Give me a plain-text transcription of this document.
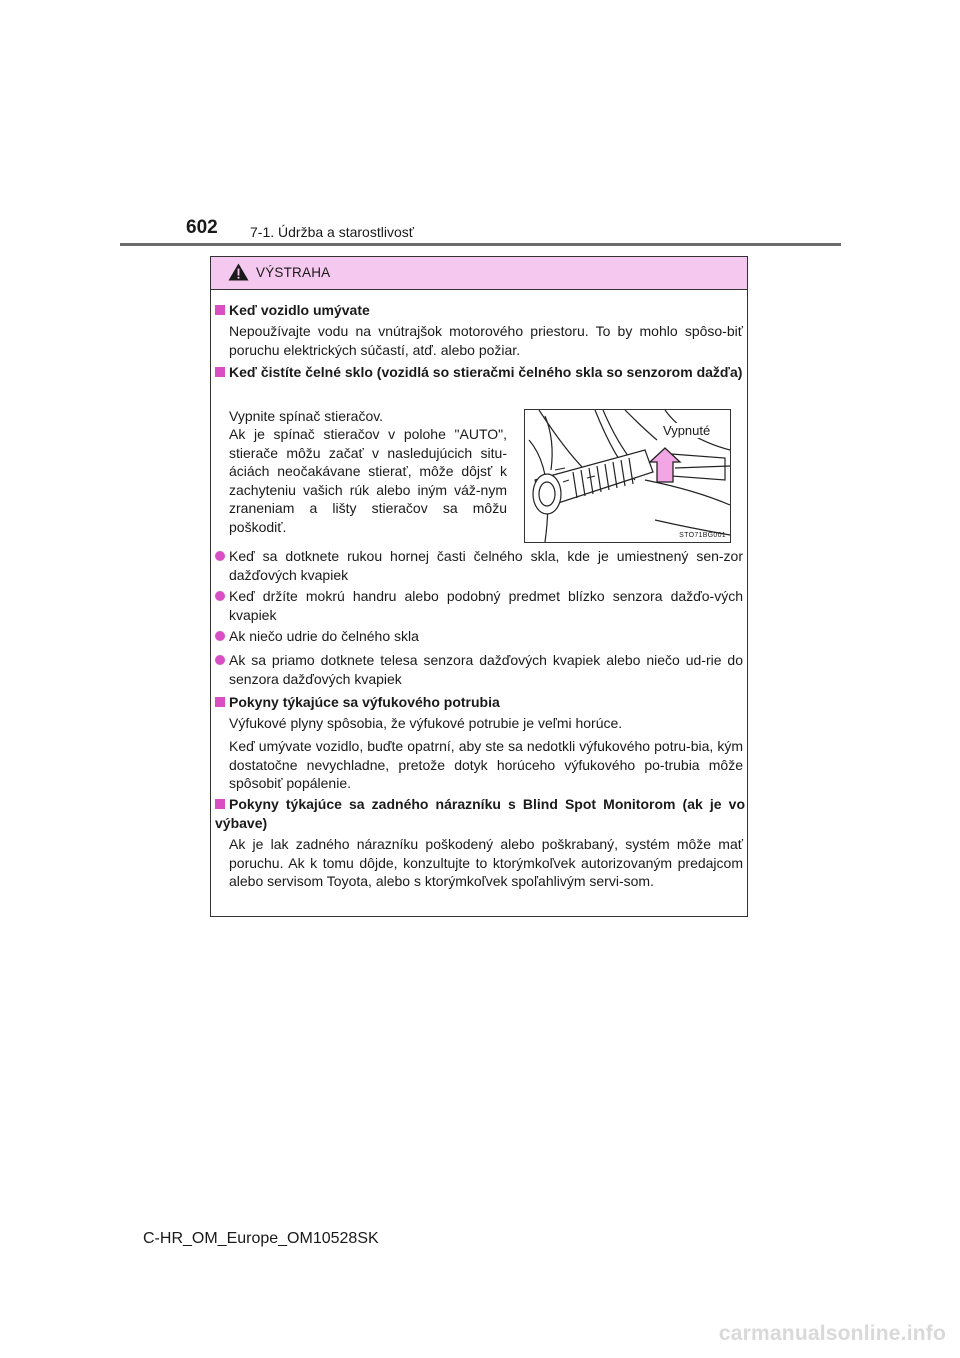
602 7-1. Údržba a starostlivosť
VÝSTRAHA
Keď vozidlo umývate
Nepoužívajte vodu na vnútrajšok motorového priestoru. To by mohlo spôso-biť poruchu elektrických súčastí, atď. alebo požiar.
Keď čistíte čelné sklo (vozidlá so stieračmi čelného skla so senzorom dažďa)
Vypnite spínač stieračov.
Ak je spínač stieračov v polohe "AUTO", stierače môžu začať v nasledujúcich situ-áciách neočakávane stierať, môže dôjsť k zachyteniu vašich rúk alebo iným váž-nym zraneniam a lišty stieračov sa môžu poškodiť.
Keď sa dotknete rukou hornej časti čelného skla, kde je umiestnený sen-zor dažďových kvapiek
Keď držíte mokrú handru alebo podobný predmet blízko senzora dažďo-vých kvapiek
Ak niečo udrie do čelného skla
Ak sa priamo dotknete telesa senzora dažďových kvapiek alebo niečo ud-rie do senzora dažďových kvapiek
Pokyny týkajúce sa výfukového potrubia
Výfukové plyny spôsobia, že výfukové potrubie je veľmi horúce.
Keď umývate vozidlo, buďte opatrní, aby ste sa nedotkli výfukového potru-bia, kým dostatočne nevychladne, pretože dotyk horúceho výfukového po-trubia môže spôsobiť popálenie.
Pokyny týkajúce sa zadného nárazníku s Blind Spot Monitorom (ak je vo výbave)
Ak je lak zadného nárazníku poškodený alebo poškrabaný, systém môže mať poruchu. Ak k tomu dôjde, konzultujte to ktorýmkoľvek autorizovaným predajcom alebo servisom Toyota, alebo s ktorýmkoľvek spoľahlivým servi-som.
Vypnuté
STO71BG001
C-HR_OM_Europe_OM10528SK
carmanualsonline.info
